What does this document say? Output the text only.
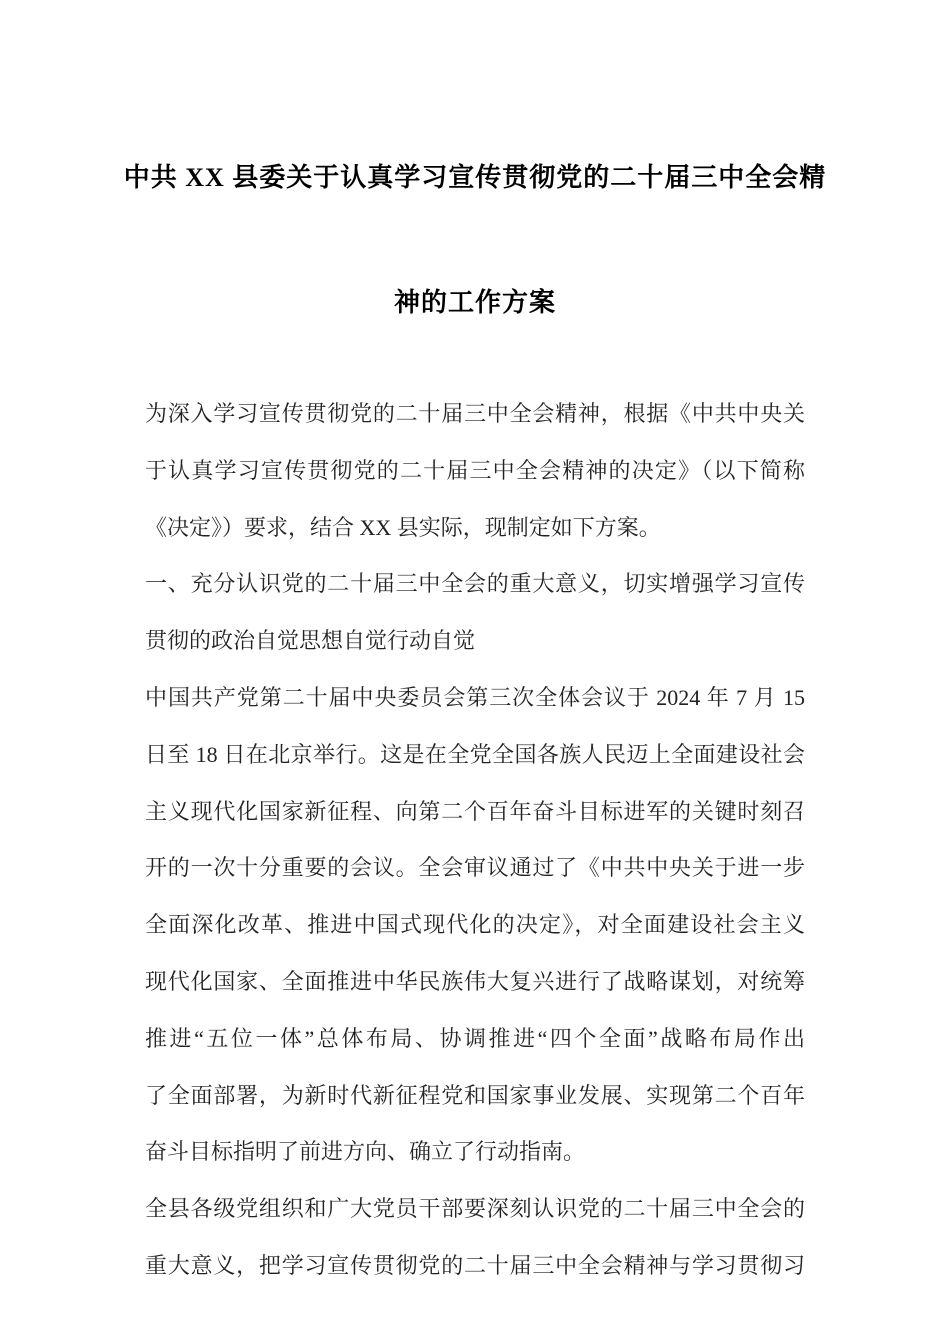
中共 XX 县委关于认真学习宣传贯彻党的二十届三中全会精
神的工作方案
为深入学习宣传贯彻党的二十届三中全会精神，根据《中共中央关
于认真学习宣传贯彻党的二十届三中全会精神的决定》（以下简称
《决定》）要求，结合 XX 县实际，现制定如下方案。
一、充分认识党的二十届三中全会的重大意义，切实增强学习宣传
贯彻的政治自觉思想自觉行动自觉
中国共产党第二十届中央委员会第三次全体会议于 2024 年 7 月 15
日至 18 日在北京举行。这是在全党全国各族人民迈上全面建设社会
主义现代化国家新征程、向第二个百年奋斗目标进军的关键时刻召
开的一次十分重要的会议。全会审议通过了《中共中央关于进一步
全面深化改革、推进中国式现代化的决定》，对全面建设社会主义
现代化国家、全面推进中华民族伟大复兴进行了战略谋划，对统筹
推进“五位一体”总体布局、协调推进“四个全面”战略布局作出
了全面部署，为新时代新征程党和国家事业发展、实现第二个百年
奋斗目标指明了前进方向、确立了行动指南。
全县各级党组织和广大党员干部要深刻认识党的二十届三中全会的
重大意义，把学习宣传贯彻党的二十届三中全会精神与学习贯彻习
